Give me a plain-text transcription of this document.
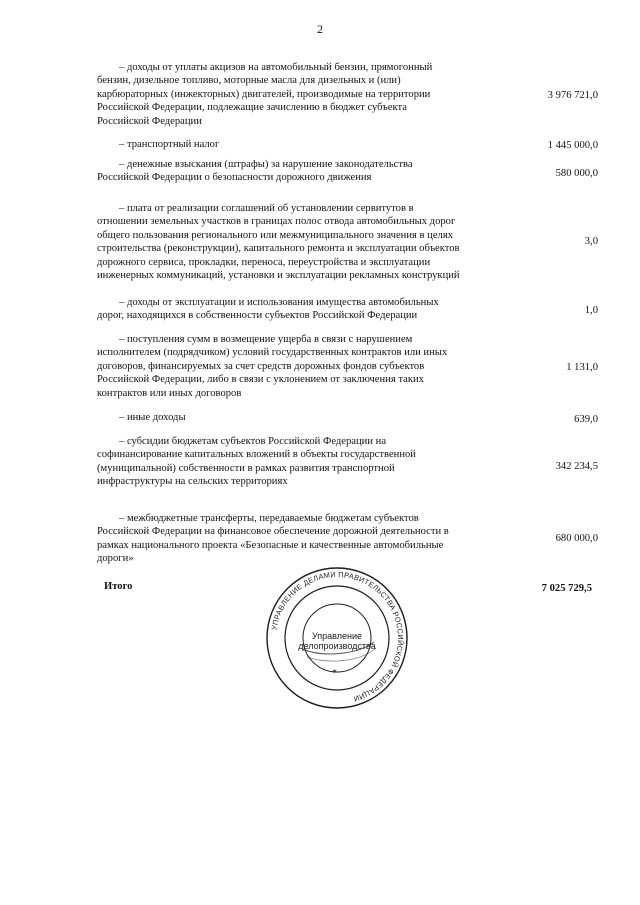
2
– доходы от уплаты акцизов на автомобильный бензин, прямогонный
бензин, дизельное топливо, моторные масла для дизельных и (или)
карбюраторных (инжекторных) двигателей, производимые на территории
Российской Федерации, подлежащие зачислению в бюджет субъекта
Российской Федерации
3 976 721,0
– транспортный налог	1 445 000,0
– денежные взыскания (штрафы) за нарушение законодательства
Российской Федерации о безопасности дорожного движения	580 000,0
– плата от реализации соглашений об установлении сервитутов в
отношении земельных участков в границах полос отвода автомобильных дорог
общего пользования регионального или межмуниципального значения в целях
строительства (реконструкции), капитального ремонта и эксплуатации объектов
дорожного сервиса, прокладки, переноса, переустройства и эксплуатации
инженерных коммуникаций, установки и эксплуатации рекламных конструкций
3,0
– доходы от эксплуатации и использования имущества автомобильных
дорог, находящихся в собственности субъектов Российской Федерации	1,0
– поступления сумм в возмещение ущерба в связи с нарушением
исполнителем (подрядчиком) условий государственных контрактов или иных
договоров, финансируемых за счет средств дорожных фондов субъектов
Российской Федерации, либо в связи с уклонением от заключения таких
контрактов или иных договоров
1 131,0
– иные доходы	639,0
– субсидии бюджетам субъектов Российской Федерации на
софинансирование капитальных вложений в объекты государственной
(муниципальной) собственности в рамках развития транспортной
инфраструктуры на сельских территориях
342 234,5
– межбюджетные трансферты, передаваемые бюджетам субъектов
Российской Федерации на финансовое обеспечение дорожной деятельности в
рамках национального проекта «Безопасные и качественные автомобильные
дороги»
680 000,0
Итого	7 025 729,5
УПРАВЛЕНИЕ ДЕЛАМИ ПРАВИТЕЛЬСТВА РОССИЙСКОЙ ФЕДЕРАЦИИ
Управление
делопроизводства
*
